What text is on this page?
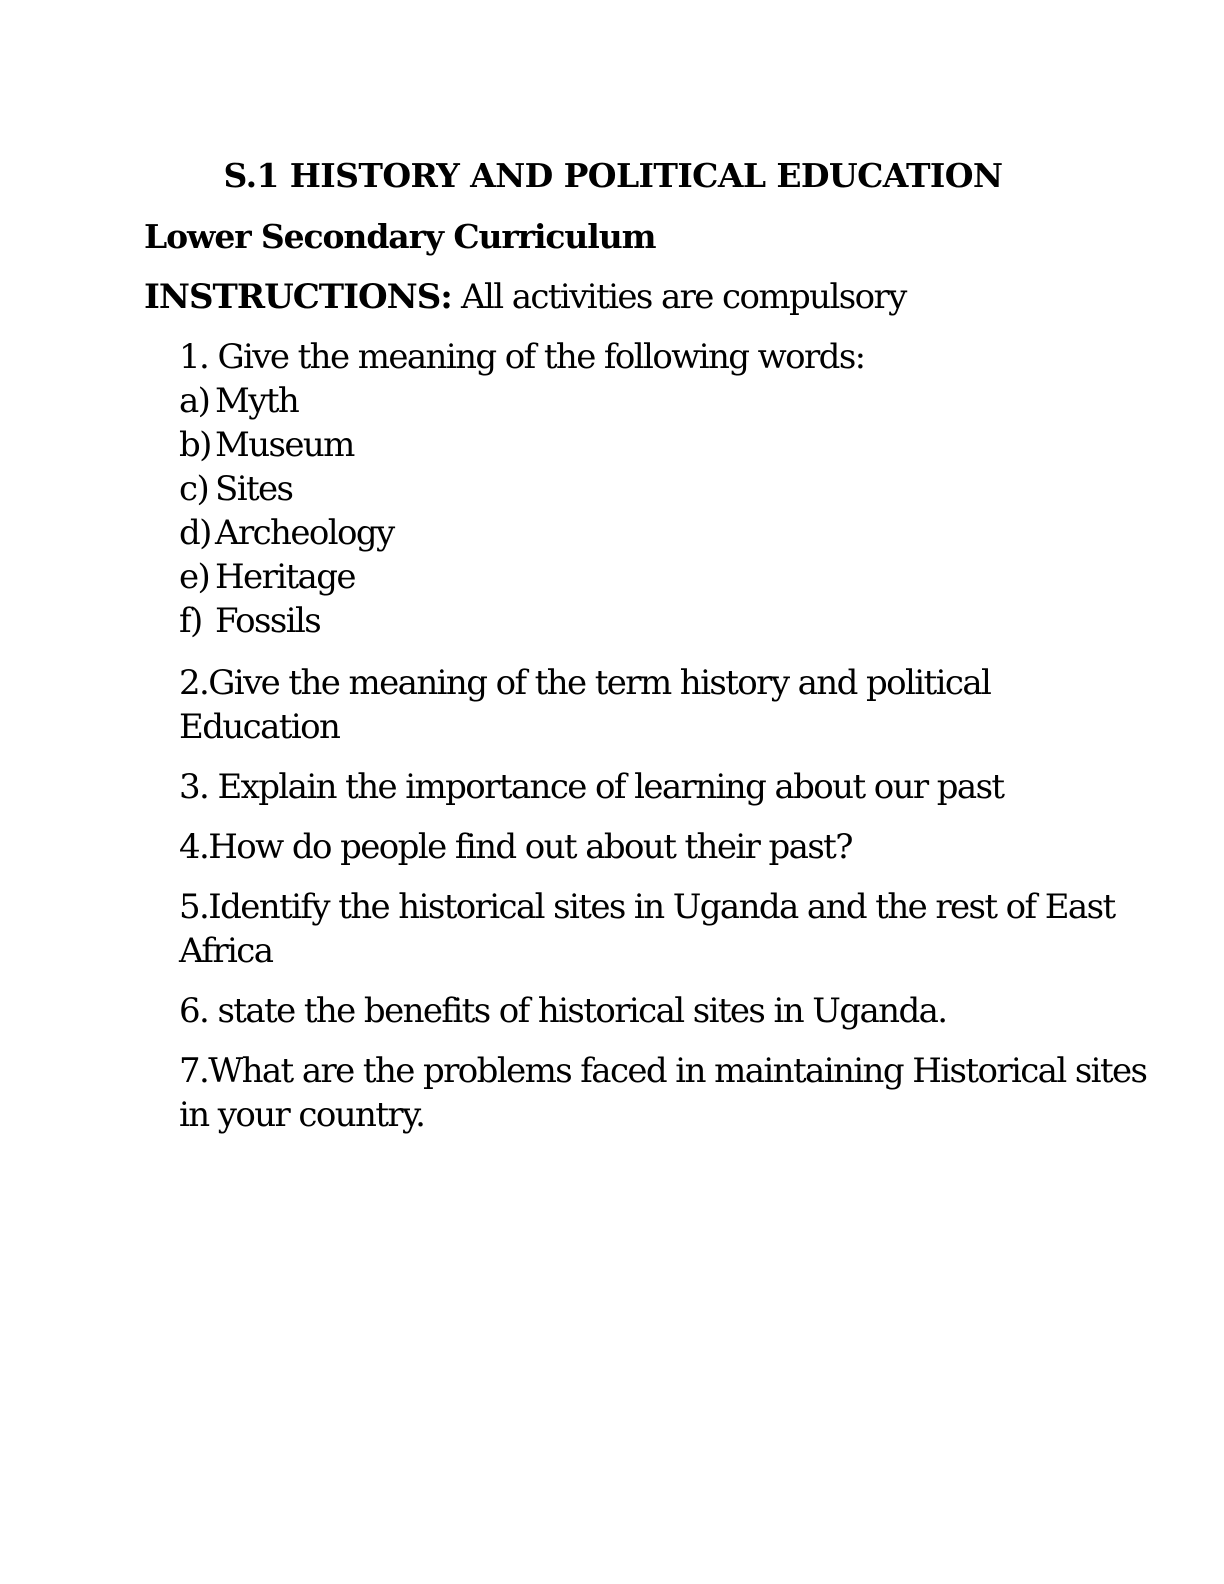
S.1 HISTORY AND POLITICAL EDUCATION

Lower Secondary Curriculum

INSTRUCTIONS: All activities are compulsory

1. Give the meaning of the following words:

a) Myth

b) Museum

c) Sites

d) Archeology

e) Heritage

f) Fossils

2.Give the meaning of the term history and political
Education

3. Explain the importance of learning about our past

4.How do people find out about their past?

5.Identify the historical sites in Uganda and the rest of East
Africa

6. state the benefits of historical sites in Uganda.

7.What are the problems faced in maintaining Historical sites
in your country.
